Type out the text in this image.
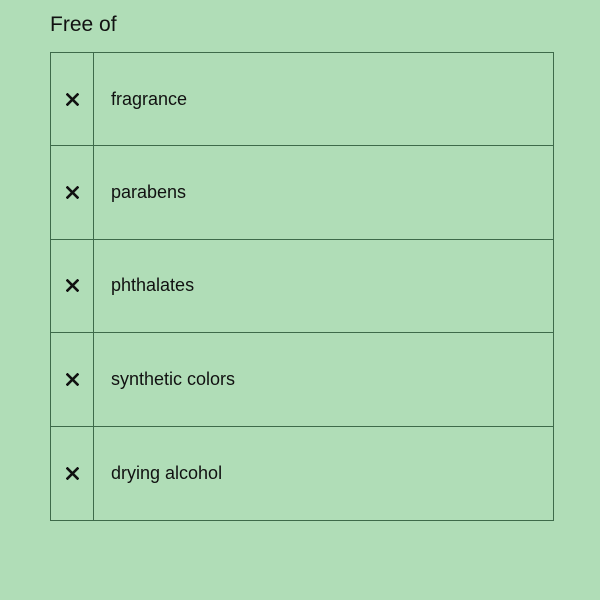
Free of
fragrance
parabens
phthalates
synthetic colors
drying alcohol
